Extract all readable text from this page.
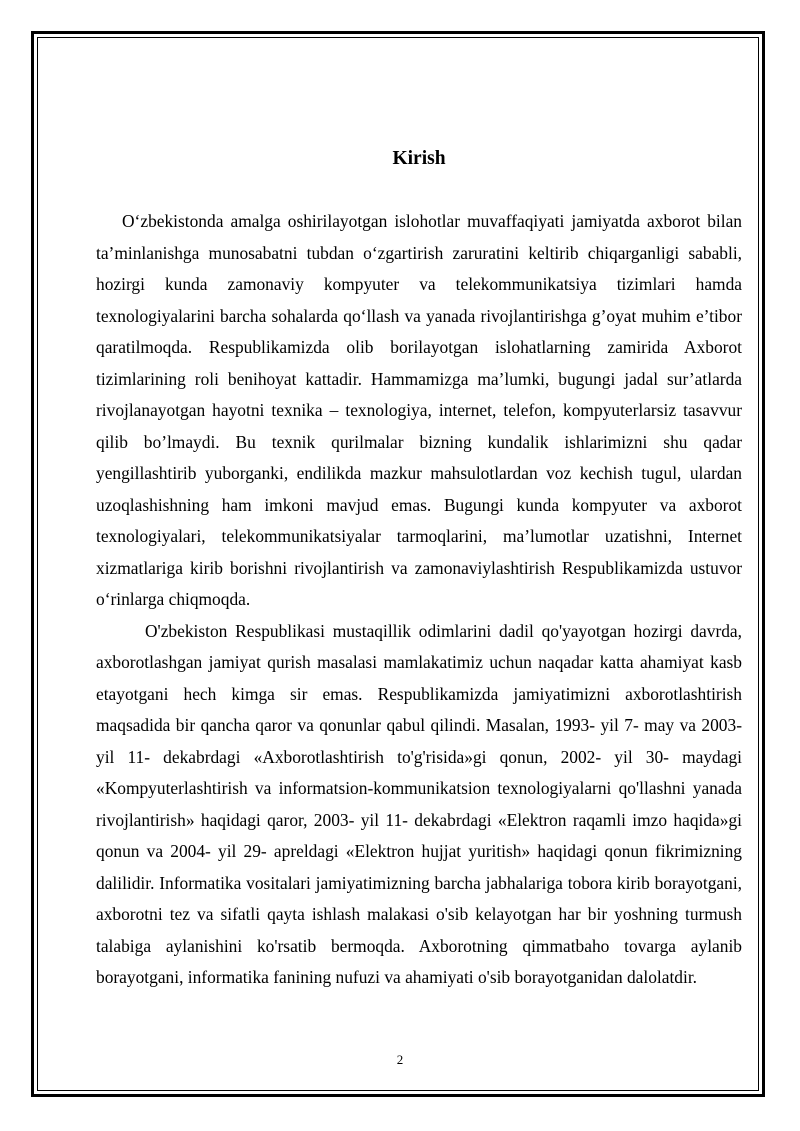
Kirish

O‘zbekistonda amalga oshirilayotgan islohotlar muvaffaqiyati jamiyatda axborot bilan ta’minlanishga munosabatni tubdan o‘zgartirish zaruratini keltirib chiqarganligi sababli, hozirgi kunda zamonaviy kompyuter va telekommunikatsiya tizimlari hamda texnologiyalarini barcha sohalarda qo‘llash va yanada rivojlantirishga g’oyat muhim e’tibor qaratilmoqda. Respublikamizda olib borilayotgan islohatlarning zamirida Axborot tizimlarining roli benihoyat kattadir. Hammamizga ma’lumki, bugungi jadal sur’atlarda rivojlanayotgan hayotni texnika – texnologiya, internet, telefon, kompyuterlarsiz tasavvur qilib bo’lmaydi. Bu texnik qurilmalar bizning kundalik ishlarimizni shu qadar yengillashtirib yuborganki, endilikda mazkur mahsulotlardan voz kechish tugul, ulardan uzoqlashishning ham imkoni mavjud emas. Bugungi kunda kompyuter va axborot texnologiyalari, telekommunikatsiyalar tarmoqlarini, ma’lumotlar uzatishni, Internet xizmatlariga kirib borishni rivojlantirish va zamonaviylashtirish Respublikamizda ustuvor o‘rinlarga chiqmoqda.

O'zbekiston Respublikasi mustaqillik odimlarini dadil qo'yayotgan hozirgi davrda, axborotlashgan jamiyat qurish masalasi mamlakatimiz uchun naqadar katta ahamiyat kasb etayotgani hech kimga sir emas. Respublikamizda jamiyatimizni axborotlashtirish maqsadida bir qancha qaror va qonunlar qabul qilindi. Masalan, 1993- yil 7- may va 2003- yil 11- dekabrdagi «Axborotlashtirish to'g'risida»gi qonun, 2002- yil 30- maydagi «Kompyuterlashtirish va informatsion-kommunikatsion texnologiyalarni qo'llashni yanada rivojlantirish» haqidagi qaror, 2003- yil 11- dekabrdagi «Elektron raqamli imzo haqida»gi qonun va 2004- yil 29- apreldagi «Elektron hujjat yuritish» haqidagi qonun fikrimizning dalilidir. Informatika vositalari jamiyatimizning barcha jabhalariga tobora kirib borayotgani, axborotni tez va sifatli qayta ishlash malakasi o'sib kelayotgan har bir yoshning turmush talabiga aylanishini ko'rsatib bermoqda. Axborotning qimmatbaho tovarga aylanib borayotgani, informatika fanining nufuzi va ahamiyati o'sib borayotganidan dalolatdir.

2
